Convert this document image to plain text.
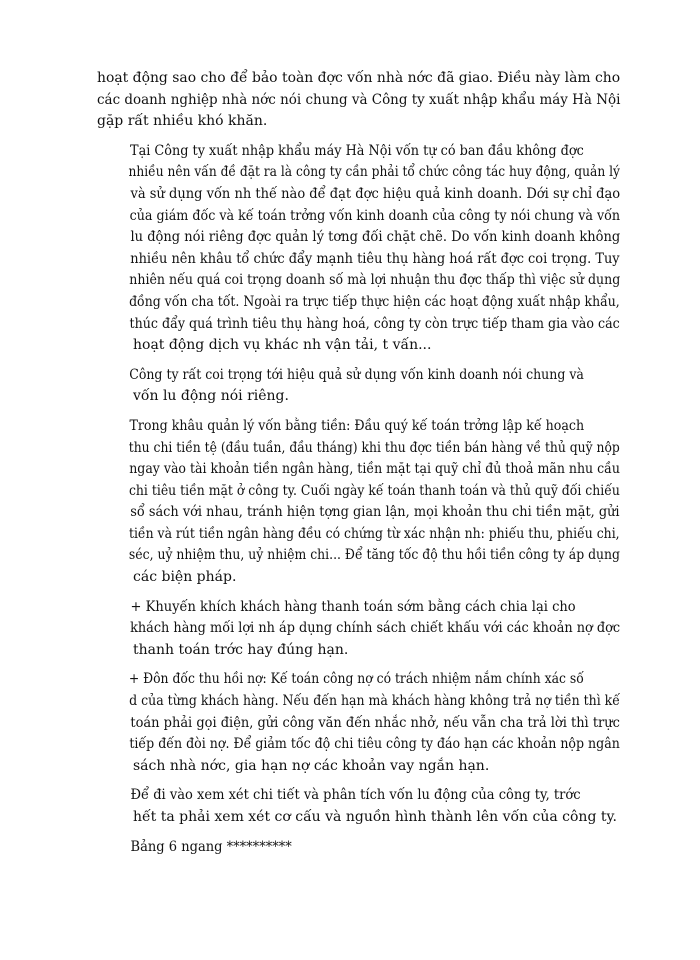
hoạt động sao cho để bảo toàn đợc vốn nhà nớc đã giao. Điều này làm cho
các doanh nghiệp nhà nớc nói chung và Công ty xuất nhập khẩu máy Hà Nội
gặp rất nhiều khó khăn.

Tại Công ty xuất nhập khẩu máy Hà Nội vốn tự có ban đầu không đợc
nhiều nên vấn đề đặt ra là công ty cần phải tổ chức công tác huy động, quản lý
và sử dụng vốn nh thế nào để đạt đợc hiệu quả kinh doanh. Dới sự chỉ đạo
của giám đốc và kế toán trởng vốn kinh doanh của công ty nói chung và vốn
lu động nói riêng đợc quản lý tơng đối chặt chẽ. Do vốn kinh doanh không
nhiều nên khâu tổ chức đẩy mạnh tiêu thụ hàng hoá rất đợc coi trọng. Tuy
nhiên nếu quá coi trọng doanh số mà lợi nhuận thu đợc thấp thì việc sử dụng
đồng vốn cha tốt. Ngoài ra trực tiếp thực hiện các hoạt động xuất nhập khẩu,
thúc đẩy quá trình tiêu thụ hàng hoá, công ty còn trực tiếp tham gia vào các
hoạt động dịch vụ khác nh vận tải, t vấn...

Công ty rất coi trọng tới hiệu quả sử dụng vốn kinh doanh nói chung và
vốn lu động nói riêng.

Trong khâu quản lý vốn bằng tiền: Đầu quý kế toán trởng lập kế hoạch
thu chi tiền tệ (đầu tuần, đầu tháng) khi thu đợc tiền bán hàng về thủ quỹ nộp
ngay vào tài khoản tiền ngân hàng, tiền mặt tại quỹ chỉ đủ thoả mãn nhu cầu
chi tiêu tiền mặt ở công ty. Cuối ngày kế toán thanh toán và thủ quỹ đối chiếu
sổ sách với nhau, tránh hiện tợng gian lận, mọi khoản thu chi tiền mặt, gửi
tiền và rút tiền ngân hàng đều có chứng từ xác nhận nh: phiếu thu, phiếu chi,
séc, uỷ nhiệm thu, uỷ nhiệm chi... Để tăng tốc độ thu hồi tiền công ty áp dụng
các biện pháp.

+ Khuyến khích khách hàng thanh toán sớm bằng cách chia lại cho
khách hàng mối lợi nh áp dụng chính sách chiết khấu với các khoản nợ đợc
thanh toán trớc hay đúng hạn.

+ Đôn đốc thu hồi nợ: Kế toán công nợ có trách nhiệm nắm chính xác số
d của từng khách hàng. Nếu đến hạn mà khách hàng không trả nợ tiền thì kế
toán phải gọi điện, gửi công văn đến nhắc nhở, nếu vẫn cha trả lời thì trực
tiếp đến đòi nợ. Để giảm tốc độ chi tiêu công ty đáo hạn các khoản nộp ngân
sách nhà nớc, gia hạn nợ các khoản vay ngắn hạn.

Để đi vào xem xét chi tiết và phân tích vốn lu động của công ty, trớc
hết ta phải xem xét cơ cấu và nguồn hình thành lên vốn của công ty.

Bảng 6 ngang **********
